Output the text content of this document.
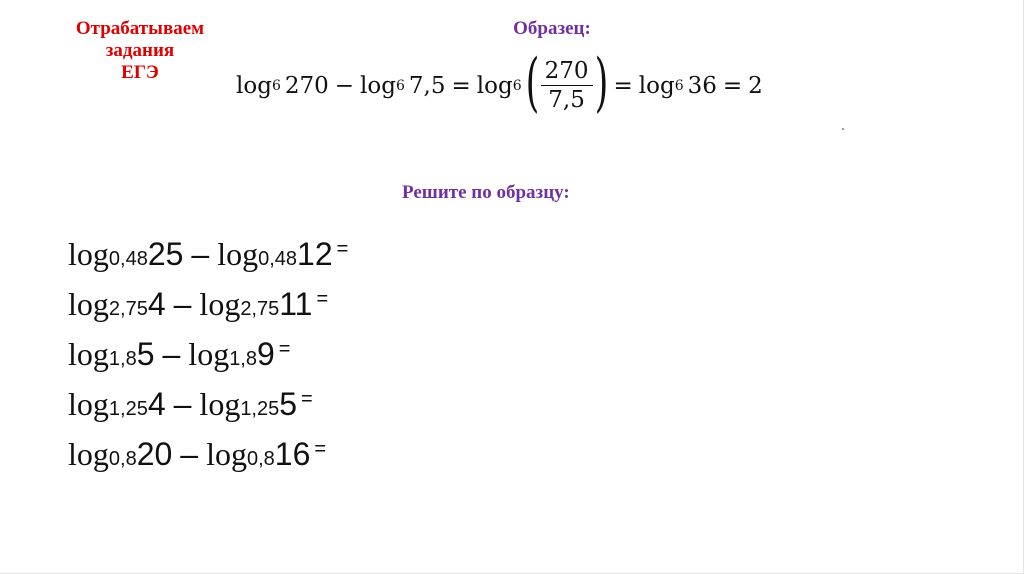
Отрабатываем
задания
ЕГЭ
Образец:
log 6 270 − log 6 7,5 = log 6 ( $\frac{270}{7,5}$ ) = log 6 36 = 2
Решите по образцу:
log 0,48 25 – log 0,48 12 =
log 2,75 4 – log 2,75 11 =
log 1,8 5 – log 1,8 9 =
log 1,25 4 – log 1,25 5 =
log 0,8 20 – log 0,8 16 =
